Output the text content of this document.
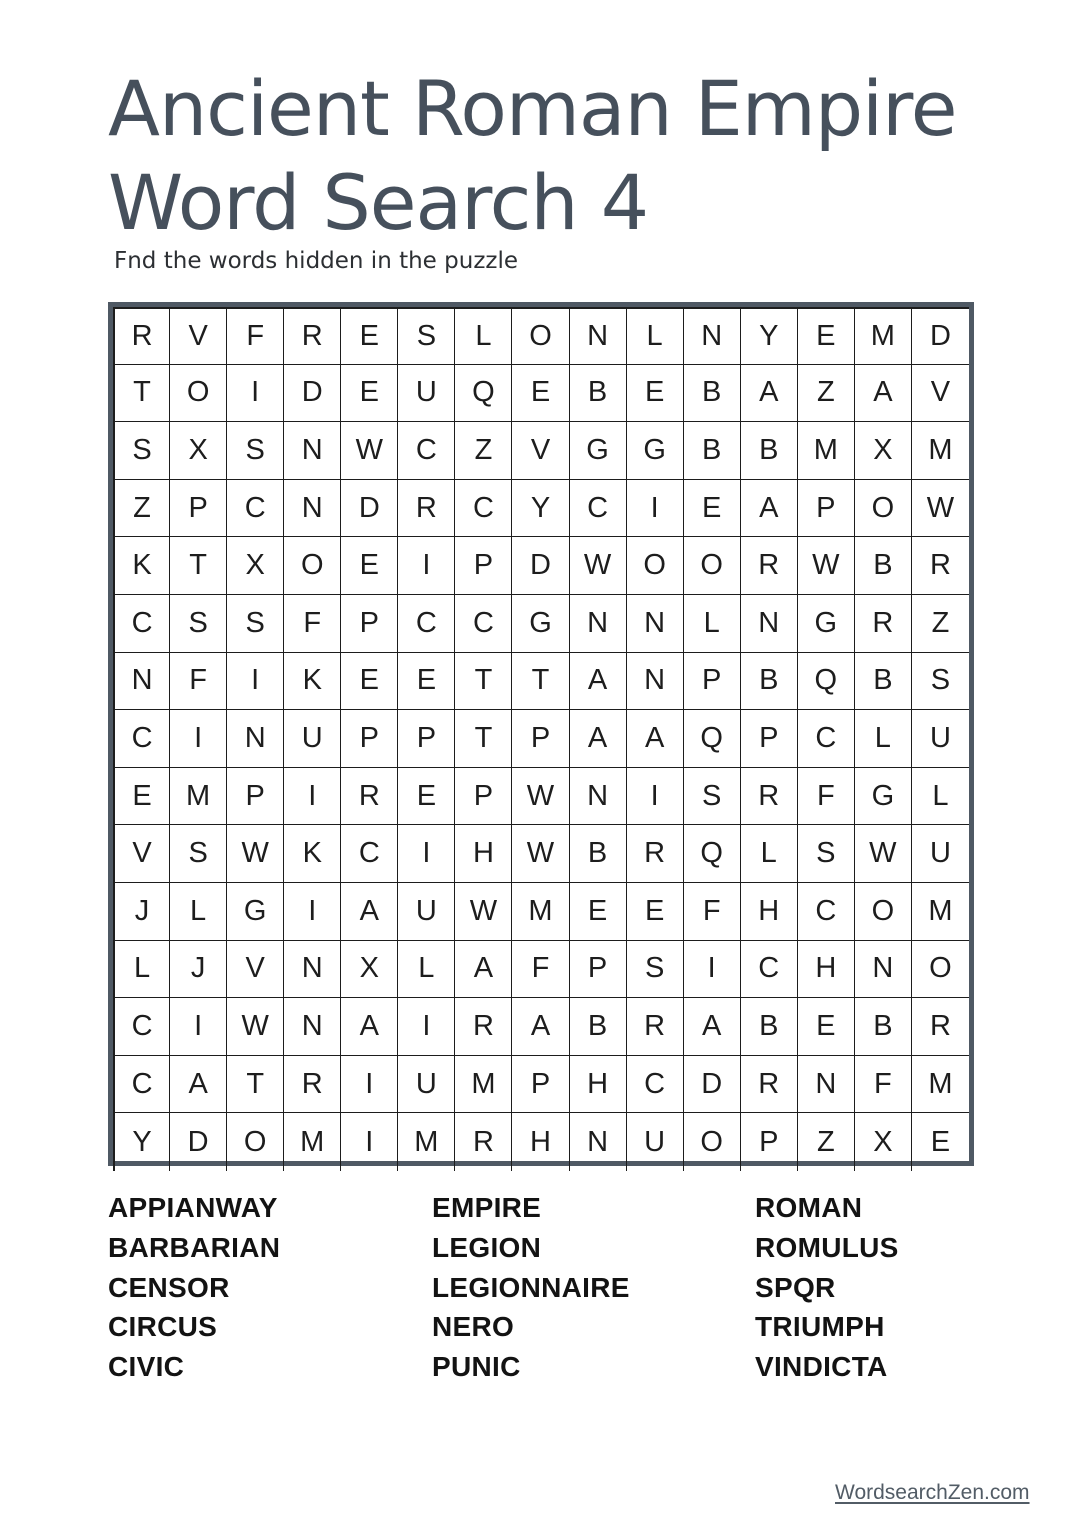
Ancient Roman Empire
Word Search 4
Fnd the words hidden in the puzzle
R	V	F	R	E	S	L	O	N	L	N	Y	E	M	D
T	O	I	D	E	U	Q	E	B	E	B	A	Z	A	V
S	X	S	N	W	C	Z	V	G	G	B	B	M	X	M
Z	P	C	N	D	R	C	Y	C	I	E	A	P	O	W
K	T	X	O	E	I	P	D	W	O	O	R	W	B	R
C	S	S	F	P	C	C	G	N	N	L	N	G	R	Z
N	F	I	K	E	E	T	T	A	N	P	B	Q	B	S
C	I	N	U	P	P	T	P	A	A	Q	P	C	L	U
E	M	P	I	R	E	P	W	N	I	S	R	F	G	L
V	S	W	K	C	I	H	W	B	R	Q	L	S	W	U
J	L	G	I	A	U	W	M	E	E	F	H	C	O	M
L	J	V	N	X	L	A	F	P	S	I	C	H	N	O
C	I	W	N	A	I	R	A	B	R	A	B	E	B	R
C	A	T	R	I	U	M	P	H	C	D	R	N	F	M
Y	D	O	M	I	M	R	H	N	U	O	P	Z	X	E
APPIANWAY
BARBARIAN
CENSOR
CIRCUS
CIVIC
EMPIRE
LEGION
LEGIONNAIRE
NERO
PUNIC
ROMAN
ROMULUS
SPQR
TRIUMPH
VINDICTA
WordsearchZen.com
